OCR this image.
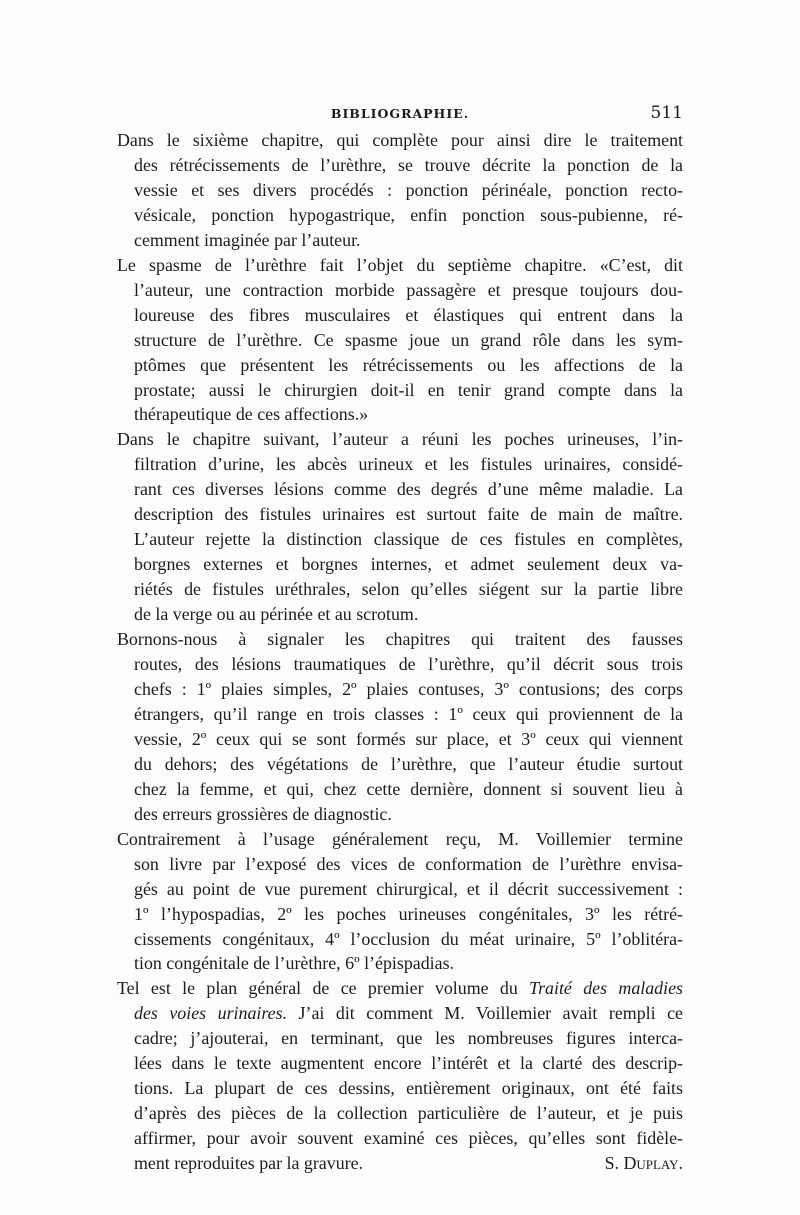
BIBLIOGRAPHIE.	511

Dans le sixième chapitre, qui complète pour ainsi dire le traitement
des rétrécissements de l’urèthre, se trouve décrite la ponction de la
vessie et ses divers procédés : ponction périnéale, ponction recto-
vésicale, ponction hypogastrique, enfin ponction sous-pubienne, ré-
cemment imaginée par l’auteur.

Le spasme de l’urèthre fait l’objet du septième chapitre. «C’est, dit
l’auteur, une contraction morbide passagère et presque toujours dou-
loureuse des fibres musculaires et élastiques qui entrent dans la
structure de l’urèthre. Ce spasme joue un grand rôle dans les sym-
ptômes que présentent les rétrécissements ou les affections de la
prostate; aussi le chirurgien doit-il en tenir grand compte dans la
thérapeutique de ces affections.»

Dans le chapitre suivant, l’auteur a réuni les poches urineuses, l’in-
filtration d’urine, les abcès urineux et les fistules urinaires, considé-
rant ces diverses lésions comme des degrés d’une même maladie. La
description des fistules urinaires est surtout faite de main de maître.
L’auteur rejette la distinction classique de ces fistules en complètes,
borgnes externes et borgnes internes, et admet seulement deux va-
riétés de fistules uréthrales, selon qu’elles siégent sur la partie libre
de la verge ou au périnée et au scrotum.

Bornons-nous à signaler les chapitres qui traitent des fausses
routes, des lésions traumatiques de l’urèthre, qu’il décrit sous trois
chefs : 1º plaies simples, 2º plaies contuses, 3º contusions; des corps
étrangers, qu’il range en trois classes : 1º ceux qui proviennent de la
vessie, 2º ceux qui se sont formés sur place, et 3º ceux qui viennent
du dehors; des végétations de l’urèthre, que l’auteur étudie surtout
chez la femme, et qui, chez cette dernière, donnent si souvent lieu à
des erreurs grossières de diagnostic.

Contrairement à l’usage généralement reçu, M. Voillemier termine
son livre par l’exposé des vices de conformation de l’urèthre envisa-
gés au point de vue purement chirurgical, et il décrit successivement :
1º l’hypospadias, 2º les poches urineuses congénitales, 3º les rétré-
cissements congénitaux, 4º l’occlusion du méat urinaire, 5º l’oblitéra-
tion congénitale de l’urèthre, 6º l’épispadias.

Tel est le plan général de ce premier volume du Traité des maladies
des voies urinaires. J’ai dit comment M. Voillemier avait rempli ce
cadre; j’ajouterai, en terminant, que les nombreuses figures interca-
lées dans le texte augmentent encore l’intérêt et la clarté des descrip-
tions. La plupart de ces dessins, entièrement originaux, ont été faits
d’après des pièces de la collection particulière de l’auteur, et je puis
affirmer, pour avoir souvent examiné ces pièces, qu’elles sont fidèle-
ment reproduites par la gravure.	S. Duplay.
